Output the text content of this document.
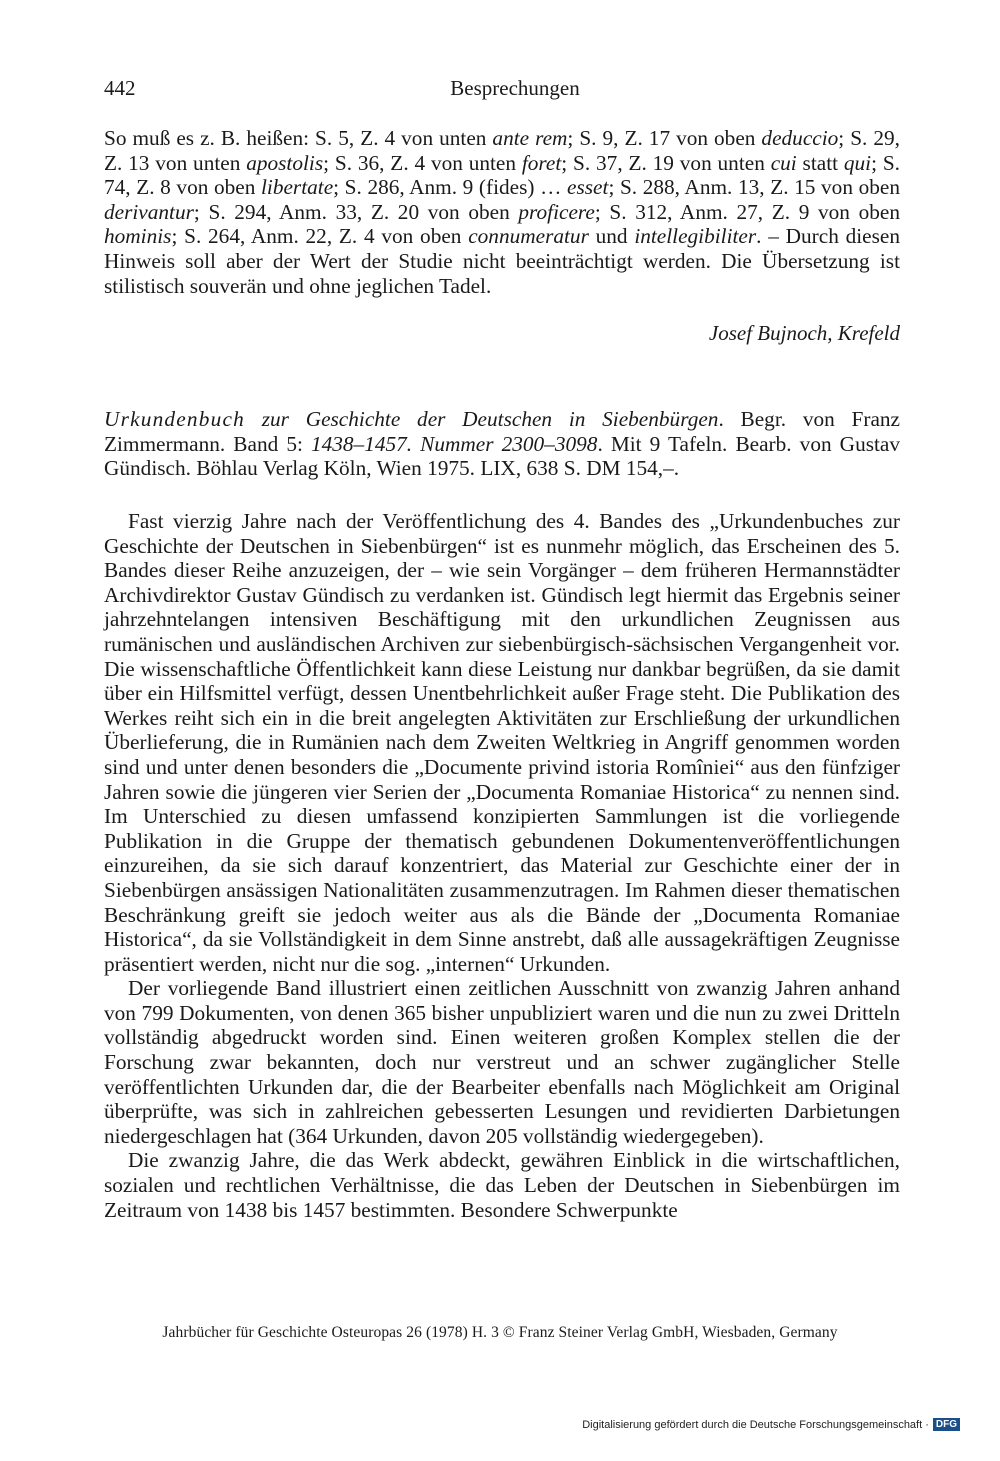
442	Besprechungen

So muß es z. B. heißen: S. 5, Z. 4 von unten ante rem; S. 9, Z. 17 von oben deduccio; S. 29, Z. 13 von unten apostolis; S. 36, Z. 4 von unten foret; S. 37, Z. 19 von unten cui statt qui; S. 74, Z. 8 von oben libertate; S. 286, Anm. 9 (fides) … esset; S. 288, Anm. 13, Z. 15 von oben derivantur; S. 294, Anm. 33, Z. 20 von oben proficere; S. 312, Anm. 27, Z. 9 von oben hominis; S. 264, Anm. 22, Z. 4 von oben connumeratur und intellegibiliter. – Durch diesen Hinweis soll aber der Wert der Studie nicht beeinträchtigt werden. Die Übersetzung ist stilistisch souverän und ohne jeglichen Tadel.

Josef Bujnoch, Krefeld

Urkundenbuch zur Geschichte der Deutschen in Siebenbürgen. Begr. von Franz Zimmermann. Band 5: 1438–1457. Nummer 2300–3098. Mit 9 Tafeln. Bearb. von Gustav Gündisch. Böhlau Verlag Köln, Wien 1975. LIX, 638 S. DM 154,–.

Fast vierzig Jahre nach der Veröffentlichung des 4. Bandes des „Urkundenbuches zur Geschichte der Deutschen in Siebenbürgen“ ist es nunmehr möglich, das Erscheinen des 5. Bandes dieser Reihe anzuzeigen, der – wie sein Vorgänger – dem früheren Hermannstädter Archivdirektor Gustav Gündisch zu verdanken ist. Gündisch legt hiermit das Ergebnis seiner jahrzehntelangen intensiven Beschäftigung mit den urkundlichen Zeugnissen aus rumänischen und ausländischen Archiven zur siebenbürgisch-sächsischen Vergangenheit vor. Die wissenschaftliche Öffentlichkeit kann diese Leistung nur dankbar begrüßen, da sie damit über ein Hilfsmittel verfügt, dessen Unentbehrlichkeit außer Frage steht. Die Publikation des Werkes reiht sich ein in die breit angelegten Aktivitäten zur Erschließung der urkundlichen Überlieferung, die in Rumänien nach dem Zweiten Weltkrieg in Angriff genommen worden sind und unter denen besonders die „Documente privind istoria Romîniei“ aus den fünfziger Jahren sowie die jüngeren vier Serien der „Documenta Romaniae Historica“ zu nennen sind. Im Unterschied zu diesen umfassend konzipierten Sammlungen ist die vorliegende Publikation in die Gruppe der thematisch gebundenen Dokumentenveröffentlichungen einzureihen, da sie sich darauf konzentriert, das Material zur Geschichte einer der in Siebenbürgen ansässigen Nationalitäten zusammenzutragen. Im Rahmen dieser thematischen Beschränkung greift sie jedoch weiter aus als die Bände der „Documenta Romaniae Historica“, da sie Vollständigkeit in dem Sinne anstrebt, daß alle aussagekräftigen Zeugnisse präsentiert werden, nicht nur die sog. „internen“ Urkunden.

Der vorliegende Band illustriert einen zeitlichen Ausschnitt von zwanzig Jahren anhand von 799 Dokumenten, von denen 365 bisher unpubliziert waren und die nun zu zwei Dritteln vollständig abgedruckt worden sind. Einen weiteren großen Komplex stellen die der Forschung zwar bekannten, doch nur verstreut und an schwer zugänglicher Stelle veröffentlichten Urkunden dar, die der Bearbeiter ebenfalls nach Möglichkeit am Original überprüfte, was sich in zahlreichen gebesserten Lesungen und revidierten Darbietungen niedergeschlagen hat (364 Urkunden, davon 205 vollständig wiedergegeben).

Die zwanzig Jahre, die das Werk abdeckt, gewähren Einblick in die wirtschaftlichen, sozialen und rechtlichen Verhältnisse, die das Leben der Deutschen in Siebenbürgen im Zeitraum von 1438 bis 1457 bestimmten. Besondere Schwerpunkte

Jahrbücher für Geschichte Osteuropas 26 (1978) H. 3 © Franz Steiner Verlag GmbH, Wiesbaden, Germany
Digitalisierung gefördert durch die Deutsche Forschungsgemeinschaft · DFG
